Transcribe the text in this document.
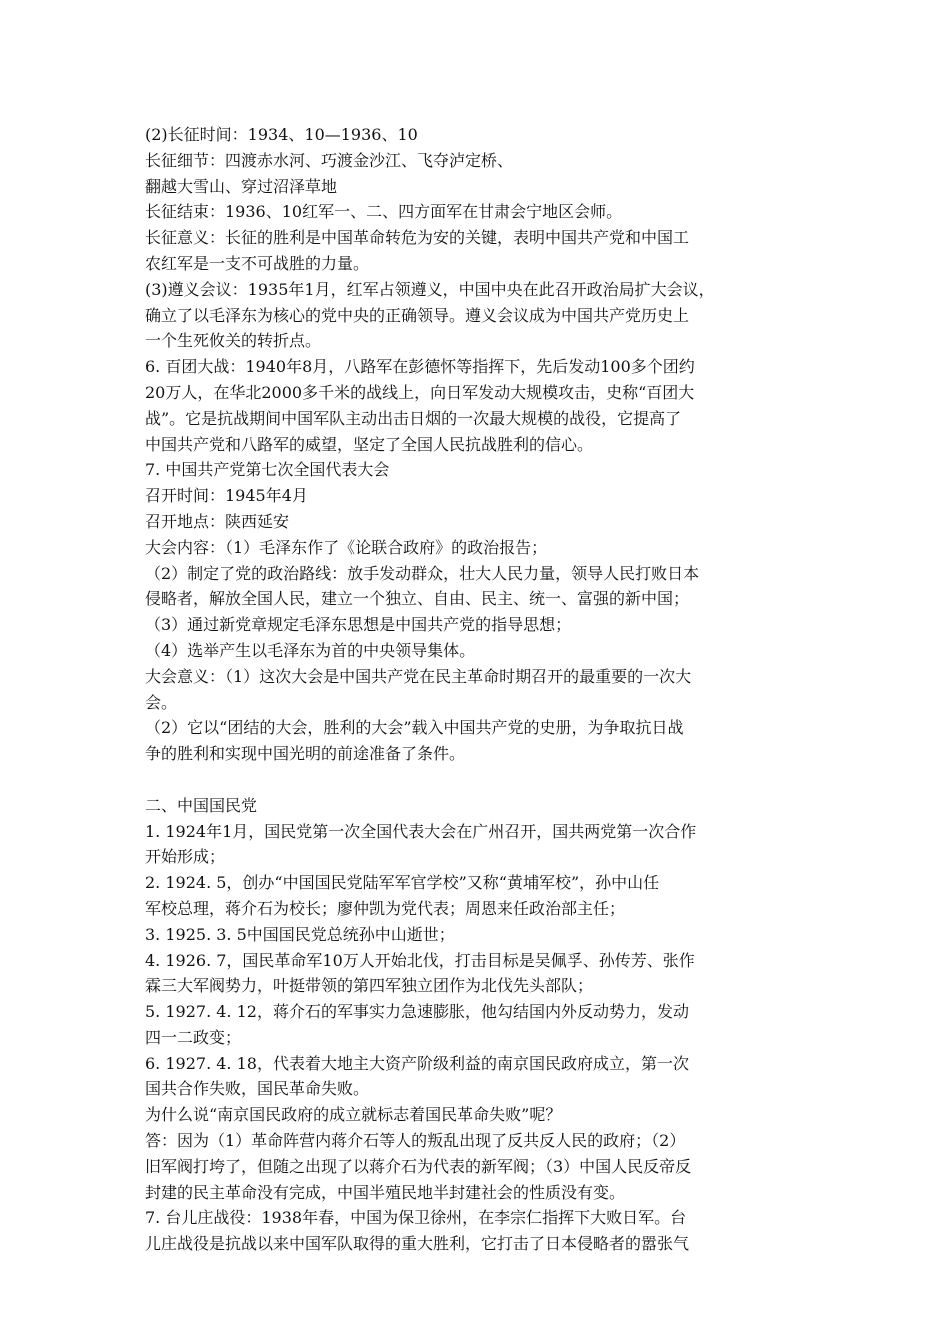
(2)长征时间：1934、10—1936、10
长征细节：四渡赤水河、巧渡金沙江、飞夺泸定桥、
翻越大雪山、穿过沼泽草地
长征结束：1936、10红军一、二、四方面军在甘肃会宁地区会师。
长征意义：长征的胜利是中国革命转危为安的关键，表明中国共产党和中国工
农红军是一支不可战胜的力量。
(3)遵义会议：1935年1月，红军占领遵义，中国中央在此召开政治局扩大会议，
确立了以毛泽东为核心的党中央的正确领导。遵义会议成为中国共产党历史上
一个生死攸关的转折点。
6. 百团大战：1940年8月，八路军在彭德怀等指挥下，先后发动100多个团约
20万人，在华北2000多千米的战线上，向日军发动大规模攻击，史称“百团大
战”。它是抗战期间中国军队主动出击日烟的一次最大规模的战役，它提高了
中国共产党和八路军的威望，坚定了全国人民抗战胜利的信心。
7. 中国共产党第七次全国代表大会
召开时间：1945年4月
召开地点：陕西延安
大会内容：（1）毛泽东作了《论联合政府》的政治报告；
（2）制定了党的政治路线：放手发动群众，壮大人民力量，领导人民打败日本
侵略者，解放全国人民，建立一个独立、自由、民主、统一、富强的新中国；
（3）通过新党章规定毛泽东思想是中国共产党的指导思想；
（4）选举产生以毛泽东为首的中央领导集体。
大会意义：（1）这次大会是中国共产党在民主革命时期召开的最重要的一次大
会。
（2）它以“团结的大会，胜利的大会”载入中国共产党的史册，为争取抗日战
争的胜利和实现中国光明的前途准备了条件。
二、中国国民党
1. 1924年1月，国民党第一次全国代表大会在广州召开，国共两党第一次合作
开始形成；
2. 1924. 5，创办“中国国民党陆军军官学校”又称“黄埔军校”，孙中山任
军校总理，蒋介石为校长；廖仲凯为党代表；周恩来任政治部主任；
3. 1925. 3. 5中国国民党总统孙中山逝世；
4. 1926. 7，国民革命军10万人开始北伐，打击目标是吴佩孚、孙传芳、张作
霖三大军阀势力，叶挺带领的第四军独立团作为北伐先头部队；
5. 1927. 4. 12，蒋介石的军事实力急速膨胀，他勾结国内外反动势力，发动
四一二政变；
6. 1927. 4. 18，代表着大地主大资产阶级利益的南京国民政府成立，第一次
国共合作失败，国民革命失败。
为什么说“南京国民政府的成立就标志着国民革命失败”呢？
答：因为（1）革命阵营内蒋介石等人的叛乱出现了反共反人民的政府；（2）
旧军阀打垮了，但随之出现了以蒋介石为代表的新军阀；（3）中国人民反帝反
封建的民主革命没有完成，中国半殖民地半封建社会的性质没有变。
7. 台儿庄战役：1938年春，中国为保卫徐州，在李宗仁指挥下大败日军。台
儿庄战役是抗战以来中国军队取得的重大胜利，它打击了日本侵略者的嚣张气
